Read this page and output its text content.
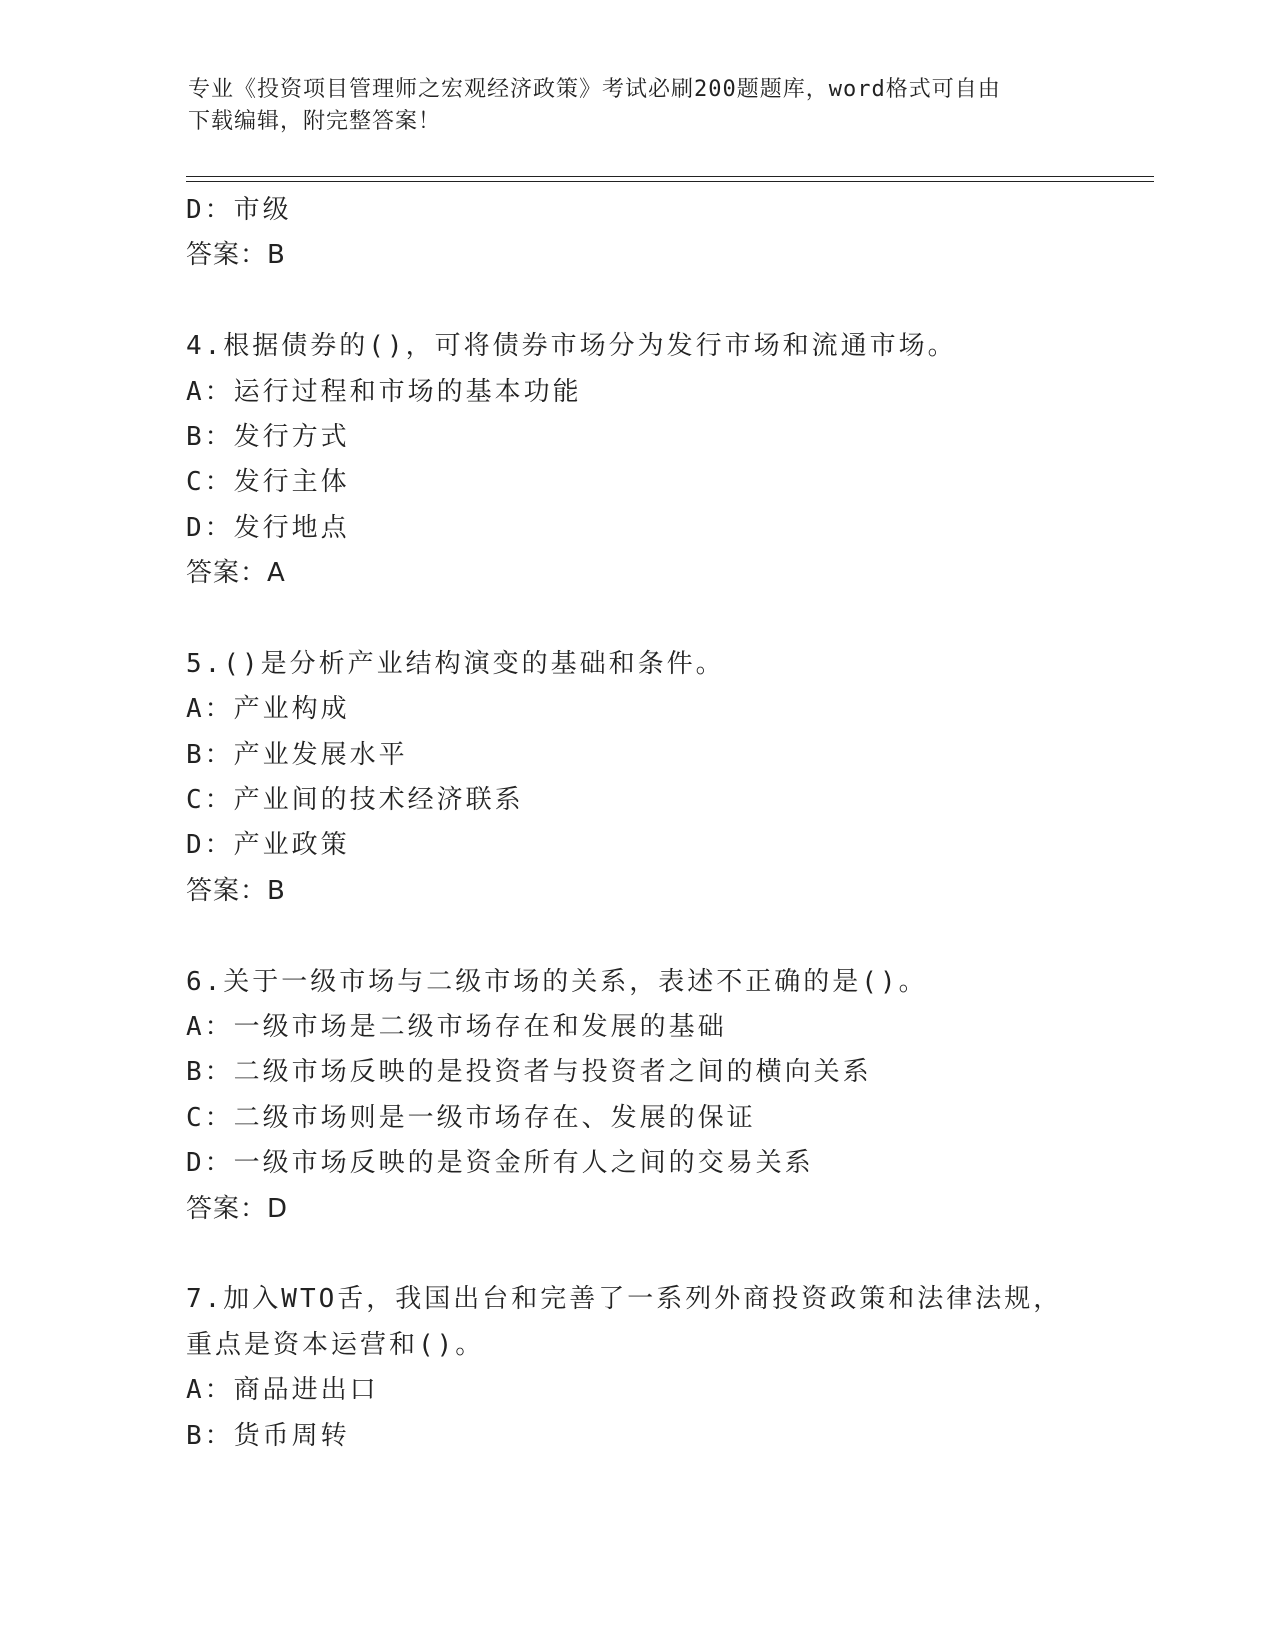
专业《投资项目管理师之宏观经济政策》考试必刷200题题库，word格式可自由
下载编辑，附完整答案！
D：市级
答案：B
4.根据债券的()，可将债券市场分为发行市场和流通市场。
A：运行过程和市场的基本功能
B：发行方式
C：发行主体
D：发行地点
答案：A
5.()是分析产业结构演变的基础和条件。
A：产业构成
B：产业发展水平
C：产业间的技术经济联系
D：产业政策
答案：B
6.关于一级市场与二级市场的关系，表述不正确的是()。
A：一级市场是二级市场存在和发展的基础
B：二级市场反映的是投资者与投资者之间的横向关系
C：二级市场则是一级市场存在、发展的保证
D：一级市场反映的是资金所有人之间的交易关系
答案：D
7.加入WTO舌，我国出台和完善了一系列外商投资政策和法律法规，
重点是资本运营和()。
A：商品进出口
B：货币周转
